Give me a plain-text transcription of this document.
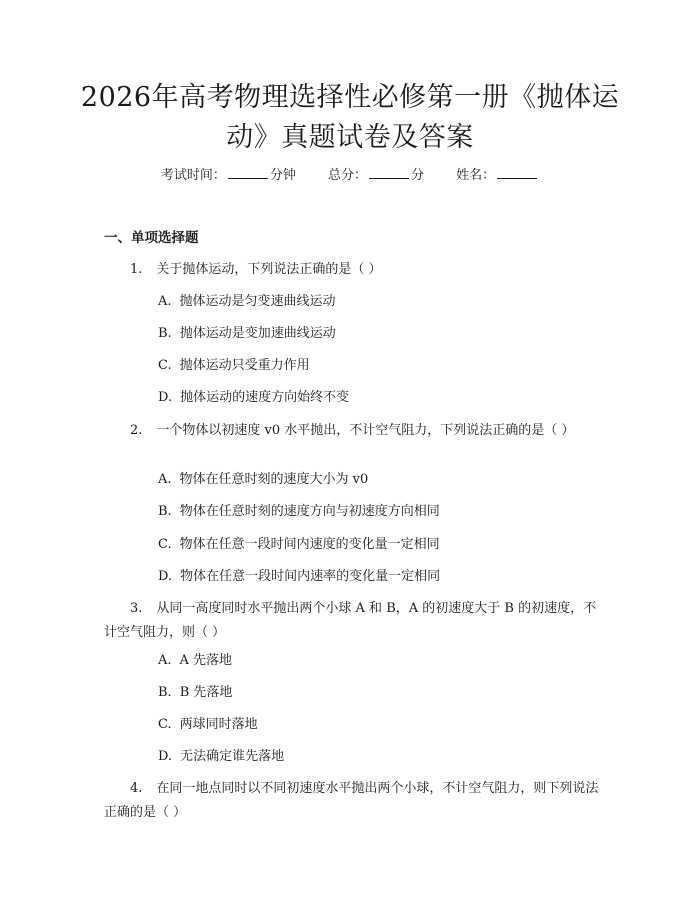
2026年高考物理选择性必修第一册《抛体运
动》真题试卷及答案
考试时间：	分钟 总分：	分 姓名：
一、单项选择题
1. 关于抛体运动，下列说法正确的是（ ）
A. 抛体运动是匀变速曲线运动
B. 抛体运动是变加速曲线运动
C. 抛体运动只受重力作用
D. 抛体运动的速度方向始终不变
2. 一个物体以初速度 v0 水平抛出，不计空气阻力，下列说法正确的是（ ）
A. 物体在任意时刻的速度大小为 v0
B. 物体在任意时刻的速度方向与初速度方向相同
C. 物体在任意一段时间内速度的变化量一定相同
D. 物体在任意一段时间内速率的变化量一定相同
3. 从同一高度同时水平抛出两个小球 A 和 B，A 的初速度大于 B 的初速度，不计空气阻力，则（ ）
A. A 先落地
B. B 先落地
C. 两球同时落地
D. 无法确定谁先落地
4. 在同一地点同时以不同初速度水平抛出两个小球，不计空气阻力，则下列说法正确的是（ ）
